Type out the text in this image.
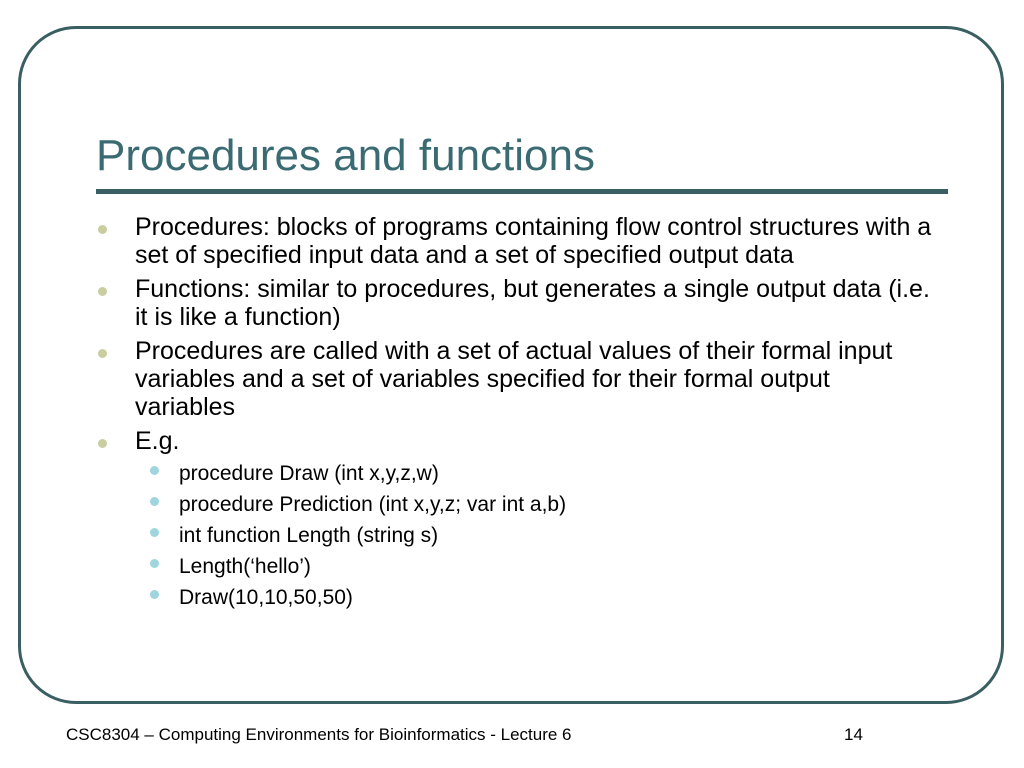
Procedures and functions
Procedures: blocks of programs containing flow control structures with a set of specified input data and a set of specified output data
Functions: similar to procedures, but generates a single output data (i.e. it is like a function)
Procedures are called with a set of actual values of their formal input variables and a set of variables specified for their formal output variables
E.g.
procedure Draw (int x,y,z,w)
procedure Prediction (int x,y,z; var int a,b)
int function Length (string s)
Length(‘hello’)
Draw(10,10,50,50)
CSC8304 – Computing Environments for Bioinformatics - Lecture 6	14
